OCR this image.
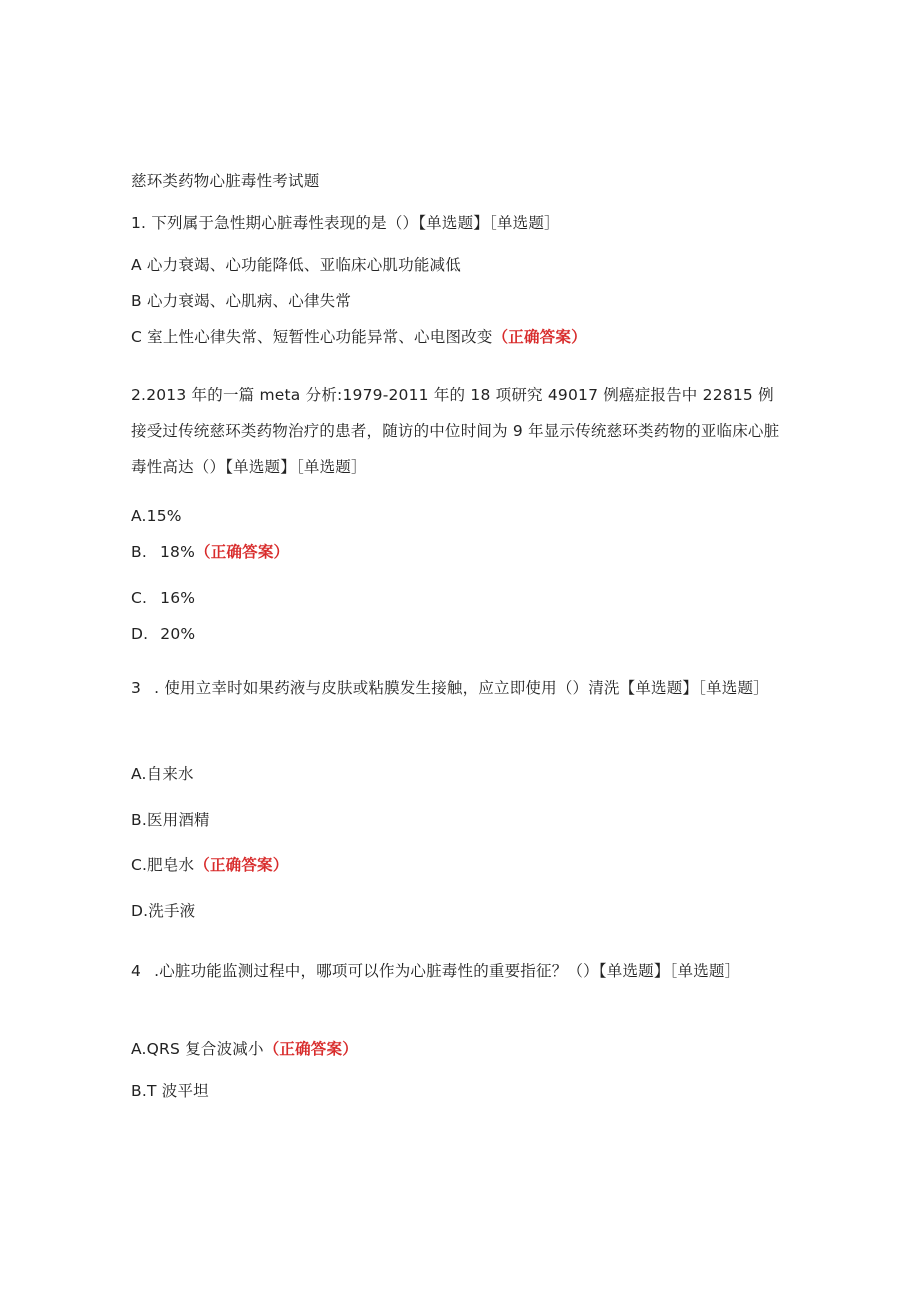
慈环类药物心脏毒性考试题
1. 下列属于急性期心脏毒性表现的是（）【单选题】［单选题］
A 心力衰竭、心功能降低、亚临床心肌功能减低
B 心力衰竭、心肌病、心律失常
C 室上性心律失常、短暂性心功能异常、心电图改变（正确答案）
2.2013 年的一篇 meta 分析:1979-2011 年的 18 项研究 49017 例癌症报告中 22815 例接受过传统慈环类药物治疗的患者，随访的中位时间为 9 年显示传统慈环类药物的亚临床心脏毒性高达（）【单选题】［单选题］
A.15%
B. 18%（正确答案）
C. 16%
D. 20%
3 . 使用立幸时如果药液与皮肤或粘膜发生接触，应立即使用（）清洗【单选题】［单选题］
A.自来水
B.医用酒精
C.肥皂水（正确答案）
D.洗手液
4 .心脏功能监测过程中，哪项可以作为心脏毒性的重要指征？（）【单选题】［单选题］
A.QRS 复合波减小（正确答案）
B.T 波平坦
